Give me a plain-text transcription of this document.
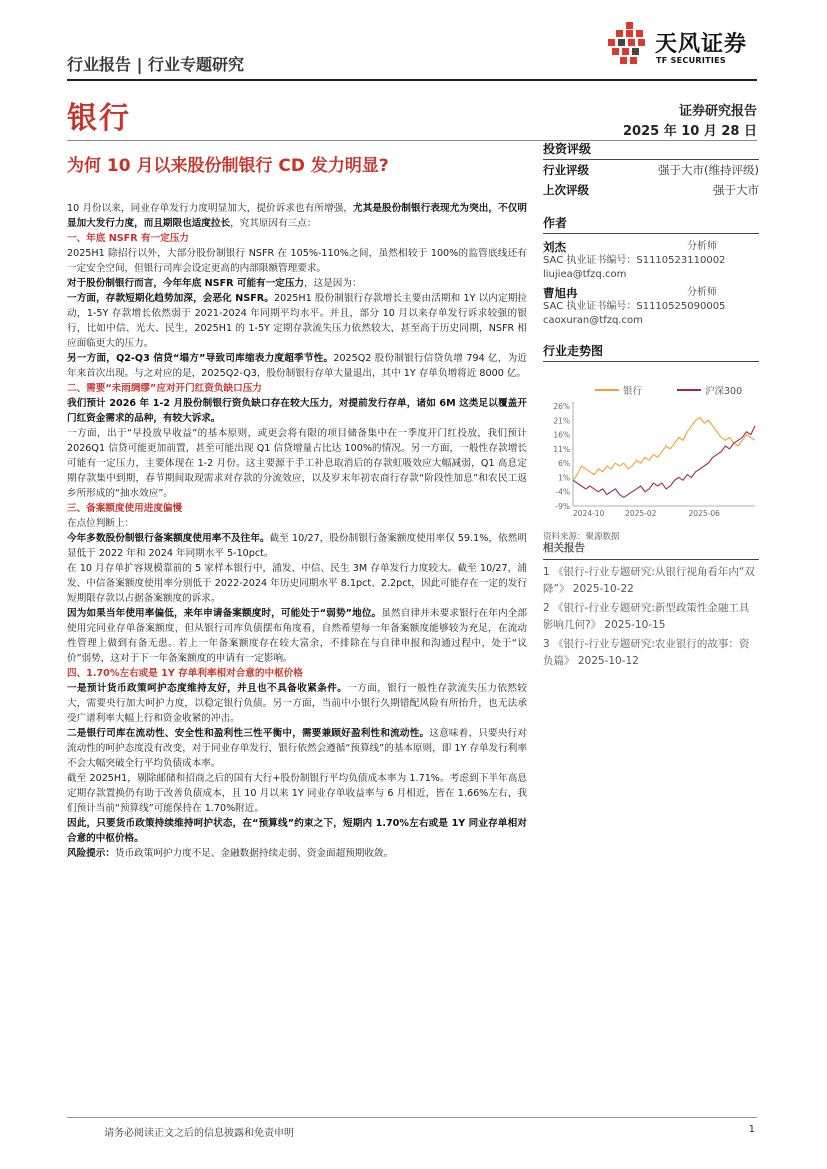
行业报告 | 行业专题研究
天风证券
TF SECURITIES
银行	证券研究报告
2025 年 10 月 28 日
为何 10 月以来股份制银行 CD 发力明显?

10 月份以来，同业存单发行力度明显加大，提价诉求也有所增强，尤其是股份制银行表现尤为突出，不仅明显加大发行力度，而且期限也适度拉长，究其原因有三点：

一、年底 NSFR 有一定压力

2025H1 除招行以外，大部分股份制银行 NSFR 在 105%-110%之间，虽然相较于 100%的监管底线还有一定安全空间，但银行司库会设定更高的内部限额管理要求。

对于股份制银行而言，今年年底 NSFR 可能有一定压力，这是因为：

一方面，存款短期化趋势加深，会恶化 NSFR。2025H1 股份制银行存款增长主要由活期和 1Y 以内定期拉动，1-5Y 存款增长依然弱于 2021-2024 年同期平均水平。并且，部分 10 月以来存单发行诉求较强的银行，比如中信、光大、民生，2025H1 的 1-5Y 定期存款流失压力依然较大，甚至高于历史同期，NSFR 相应面临更大的压力。

另一方面，Q2-Q3 信贷“塌方”导致司库缩表力度超季节性。2025Q2 股份制银行信贷负增 794 亿，为近年来首次出现。与之对应的是，2025Q2-Q3，股份制银行存单大量退出，其中 1Y 存单负增将近 8000 亿。

二、需要“未雨绸缪”应对开门红资负缺口压力

我们预计 2026 年 1-2 月股份制银行资负缺口存在较大压力，对提前发行存单，诸如 6M 这类足以覆盖开门红资金需求的品种，有较大诉求。

一方面，出于“早投放早收益”的基本原则，或更会将有限的项目储备集中在一季度开门红投放，我们预计 2026Q1 信贷可能更加前置，甚至可能出现 Q1 信贷增量占比达 100%的情况。另一方面，一般性存款增长可能有一定压力，主要体现在 1-2 月份。这主要源于手工补息取消后的存款虹吸效应大幅减弱，Q1 高息定期存款集中到期，春节期间取现需求对存款的分流效应，以及岁末年初农商行存款“阶段性加息”和农民工返乡所形成的“抽水效应”。

三、备案额度使用进度偏慢

在点位判断上：

今年多数股份制银行备案额度使用率不及往年。截至 10/27，股份制银行备案额度使用率仅 59.1%，依然明显低于 2022 年和 2024 年同期水平 5-10pct。

在 10 月存单扩容规模靠前的 5 家样本银行中，浦发、中信、民生 3M 存单发行力度较大。截至 10/27，浦发、中信备案额度使用率分别低于 2022-2024 年历史同期水平 8.1pct、2.2pct，因此可能存在一定的发行短期限存款以占据备案额度的诉求。

因为如果当年使用率偏低，来年申请备案额度时，可能处于“弱势”地位。虽然自律并未要求银行在年内全部使用完同业存单备案额度，但从银行司库负债摆布角度看，自然希望每一年备案额度能够较为充足，在流动性管理上做到有备无患。若上一年备案额度存在较大富余，不排除在与自律申报和沟通过程中，处于“议价”弱势，这对于下一年备案额度的申请有一定影响。

四、1.70%左右或是 1Y 存单利率相对合意的中枢价格

一是预计货币政策呵护态度维持友好，并且也不具备收紧条件。一方面，银行一般性存款流失压力依然较大，需要央行加大呵护力度，以稳定银行负债。另一方面，当前中小银行久期错配风险有所抬升，也无法承受广谱利率大幅上行和资金收紧的冲击。

二是银行司库在流动性、安全性和盈利性三性平衡中，需要兼顾好盈利性和流动性。这意味着，只要央行对流动性的呵护态度没有改变，对于同业存单发行，银行依然会遵循“预算线”的基本原则，即 1Y 存单发行利率不会大幅突破全行平均负债成本率。

截至 2025H1，剔除邮储和招商之后的国有大行+股份制银行平均负债成本率为 1.71%。考虑到下半年高息定期存款置换仍有助于改善负债成本，且 10 月以来 1Y 同业存单收益率与 6 月相近，皆在 1.66%左右，我们预计当前“预算线”可能保持在 1.70%附近。

因此，只要货币政策持续维持呵护状态，在“预算线”约束之下，短期内 1.70%左右或是 1Y 同业存单相对合意的中枢价格。

风险提示：货币政策呵护力度不足、金融数据持续走弱、资金面超预期收敛。

投资评级
行业评级	强于大市(维持评级)
上次评级	强于大市
作者
刘杰	分析师
SAC 执业证书编号：S1110523110002
liujiea@tfzq.com
曹旭冉	分析师
SAC 执业证书编号：S1110525090005
caoxuran@tfzq.com
行业走势图
银行	沪深300
26%
21%
16%
11%
6%
1%
-4%
-9%
2024-10	2025-02	2025-06
资料来源：聚源数据
相关报告
1 《银行-行业专题研究:从银行视角看年内“双降”》 2025-10-22
2 《银行-行业专题研究:新型政策性金融工具影响几何?》 2025-10-15
3 《银行-行业专题研究:农业银行的故事：资负篇》 2025-10-12
请务必阅读正文之后的信息披露和免责申明	1
